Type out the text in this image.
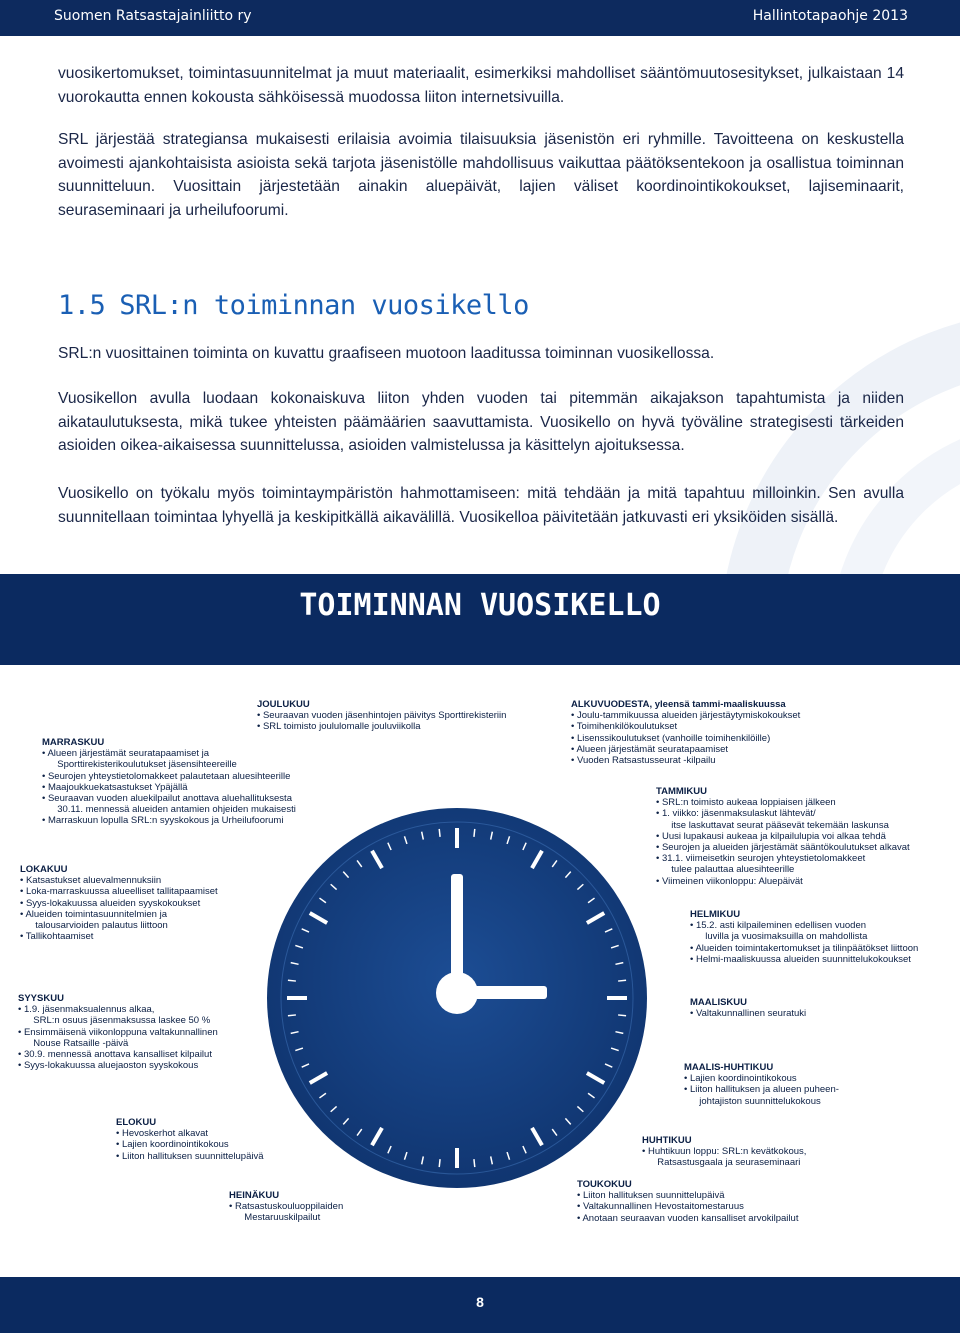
Suomen Ratsastajainliitto ry	Hallintotapaohje 2013

vuosikertomukset, toimintasuunnitelmat ja muut materiaalit, esimerkiksi mahdolliset sääntömuutosesitykset, julkaistaan 14 vuorokautta ennen kokousta sähköisessä muodossa liiton internetsivuilla.

SRL järjestää strategiansa mukaisesti erilaisia avoimia tilaisuuksia jäsenistön eri ryhmille. Tavoitteena on keskustella avoimesti ajankohtaisista asioista sekä tarjota jäsenistölle mahdollisuus vaikuttaa päätöksentekoon ja osallistua toiminnan suunnitteluun. Vuosittain järjestetään ainakin aluepäivät, lajien väliset koordinointikokoukset, lajiseminaarit, seuraseminaari ja urheilufoorumi.

1.5 SRL:n toiminnan vuosikello

SRL:n vuosittainen toiminta on kuvattu graafiseen muotoon laaditussa toiminnan vuosikellossa.

Vuosikellon avulla luodaan kokonaiskuva liiton yhden vuoden tai pitemmän aikajakson tapahtumista ja niiden aikataulutuksesta, mikä tukee yhteisten päämäärien saavuttamista. Vuosikello on hyvä työväline strategisesti tärkeiden asioiden oikea-aikaisessa suunnittelussa, asioiden valmistelussa ja käsittelyn ajoituksessa.

Vuosikello on työkalu myös toimintaympäristön hahmottamiseen: mitä tehdään ja mitä tapahtuu milloinkin. Sen avulla suunnitellaan toimintaa lyhyellä ja keskipitkällä aikavälillä. Vuosikelloa päivitetään jatkuvasti eri yksiköiden sisällä.

TOIMINNAN VUOSIKELLO
JOULUKUU
• Seuraavan vuoden jäsenhintojen päivitys Sporttirekisteriin
• SRL toimisto joululomalle jouluviikolla
ALKUVUODESTA, yleensä tammi-maaliskuussa
• Joulu-tammikuussa alueiden järjestäytymiskokoukset
• Toimihenkilökoulutukset
• Lisenssikoulutukset (vanhoille toimihenkilöille)
• Alueen järjestämät seuratapaamiset
• Vuoden Ratsastusseurat -kilpailu
TAMMIKUU
• SRL:n toimisto aukeaa loppiaisen jälkeen
• 1. viikko: jäsenmaksulaskut lähtevät/
itse laskuttavat seurat pääsevät tekemään laskunsa
• Uusi lupakausi aukeaa ja kilpailulupia voi alkaa tehdä
• Seurojen ja alueiden järjestämät sääntökoulutukset alkavat
• 31.1. viimeisetkin seurojen yhteystietolomakkeet
tulee palauttaa aluesihteerille
• Viimeinen viikonloppu: Aluepäivät
HELMIKUU
• 15.2. asti kilpaileminen edellisen vuoden
luvilla ja vuosimaksuilla on mahdollista
• Alueiden toimintakertomukset ja tilinpäätökset liittoon
• Helmi-maaliskuussa alueiden suunnittelukokoukset
MAALISKUU
• Valtakunnallinen seuratuki
MAALIS-HUHTIKUU
• Lajien koordinointikokous
• Liiton hallituksen ja alueen puheen-
johtajiston suunnittelukokous
HUHTIKUU
• Huhtikuun loppu: SRL:n kevätkokous,
Ratsastusgaala ja seuraseminaari
TOUKOKUU
• Liiton hallituksen suunnittelupäivä
• Valtakunnallinen Hevostaitomestaruus
• Anotaan seuraavan vuoden kansalliset arvokilpailut
HEINÄKUU
• Ratsastuskouluoppilaiden
Mestaruuskilpailut
ELOKUU
• Hevoskerhot alkavat
• Lajien koordinointikokous
• Liiton hallituksen suunnittelupäivä
SYYSKUU
• 1.9. jäsenmaksualennus alkaa,
SRL:n osuus jäsenmaksussa laskee 50 %
• Ensimmäisenä viikonloppuna valtakunnallinen
Nouse Ratsaille -päivä
• 30.9. mennessä anottava kansalliset kilpailut
• Syys-lokakuussa aluejaoston syyskokous
LOKAKUU
• Katsastukset aluevalmennuksiin
• Loka-marraskuussa alueelliset tallitapaamiset
• Syys-lokakuussa alueiden syyskokoukset
• Alueiden toimintasuunnitelmien ja
talousarvioiden palautus liittoon
• Tallikohtaamiset
MARRASKUU
• Alueen järjestämät seuratapaamiset ja
Sporttirekisterikoulutukset jäsensihteereille
• Seurojen yhteystietolomakkeet palautetaan aluesihteerille
• Maajoukkuekatsastukset Ypäjällä
• Seuraavan vuoden aluekilpailut anottava aluehallituksesta
30.11. mennessä alueiden antamien ohjeiden mukaisesti
• Marraskuun lopulla SRL:n syyskokous ja Urheilufoorumi
8
